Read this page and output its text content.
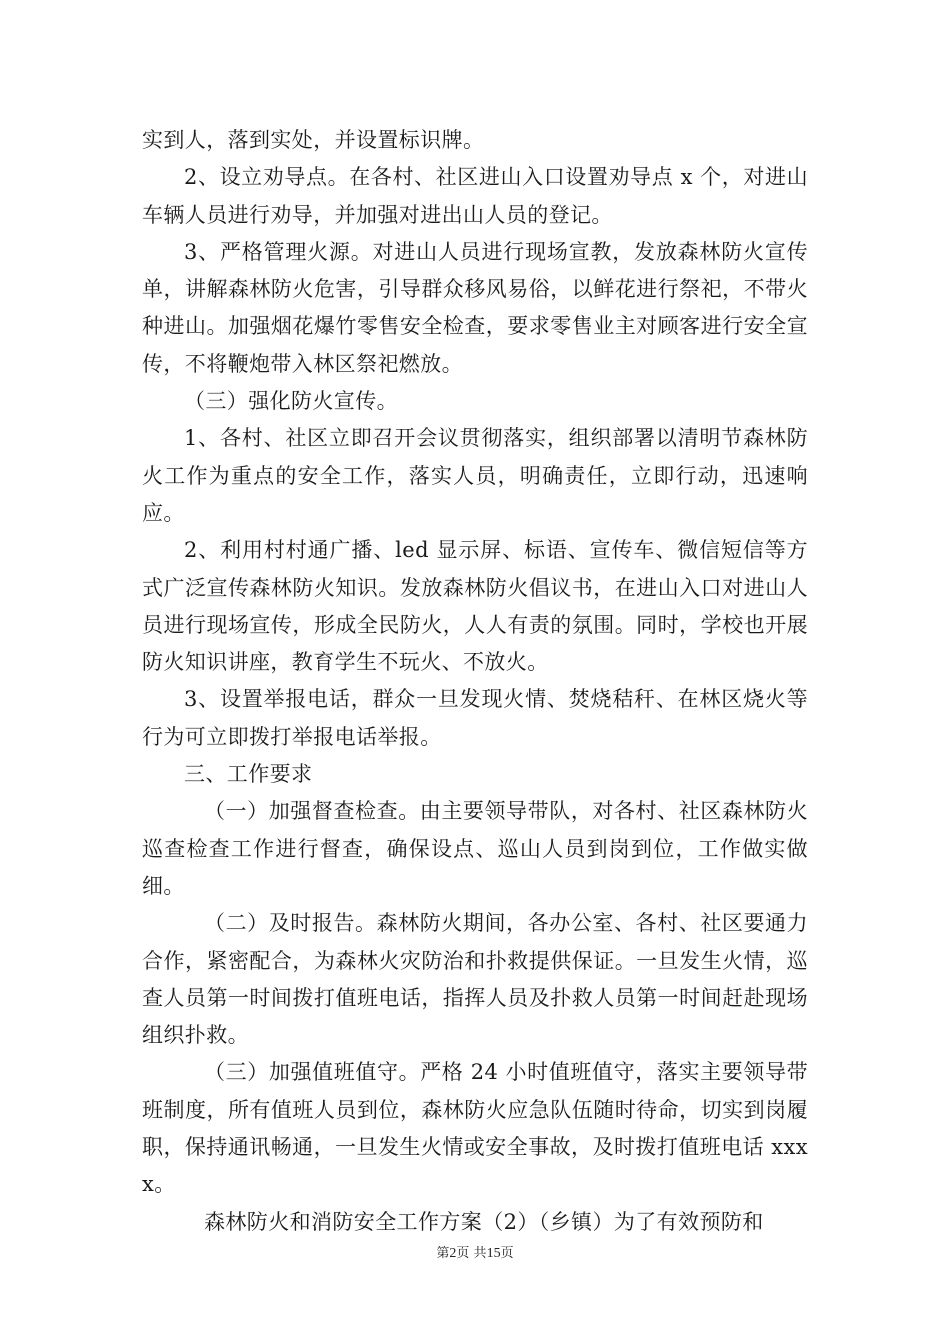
实到人，落到实处，并设置标识牌。

2、设立劝导点。在各村、社区进山入口设置劝导点 x 个，对进山车辆人员进行劝导，并加强对进出山人员的登记。

3、严格管理火源。对进山人员进行现场宣教，发放森林防火宣传单，讲解森林防火危害，引导群众移风易俗，以鲜花进行祭祀，不带火种进山。加强烟花爆竹零售安全检查，要求零售业主对顾客进行安全宣传，不将鞭炮带入林区祭祀燃放。

（三）强化防火宣传。

1、各村、社区立即召开会议贯彻落实，组织部署以清明节森林防火工作为重点的安全工作，落实人员，明确责任，立即行动，迅速响应。

2、利用村村通广播、led 显示屏、标语、宣传车、微信短信等方式广泛宣传森林防火知识。发放森林防火倡议书，在进山入口对进山人员进行现场宣传，形成全民防火，人人有责的氛围。同时，学校也开展防火知识讲座，教育学生不玩火、不放火。

3、设置举报电话，群众一旦发现火情、焚烧秸秆、在林区烧火等行为可立即拨打举报电话举报。

三、工作要求

（一）加强督查检查。由主要领导带队，对各村、社区森林防火巡查检查工作进行督查，确保设点、巡山人员到岗到位，工作做实做细。

（二）及时报告。森林防火期间，各办公室、各村、社区要通力合作，紧密配合，为森林火灾防治和扑救提供保证。一旦发生火情，巡查人员第一时间拨打值班电话，指挥人员及扑救人员第一时间赶赴现场组织扑救。

（三）加强值班值守。严格 24 小时值班值守，落实主要领导带班制度，所有值班人员到位，森林防火应急队伍随时待命，切实到岗履职，保持通讯畅通，一旦发生火情或安全事故，及时拨打值班电话 xxxx。

森林防火和消防安全工作方案（2）（乡镇）为了有效预防和

第2页 共15页
